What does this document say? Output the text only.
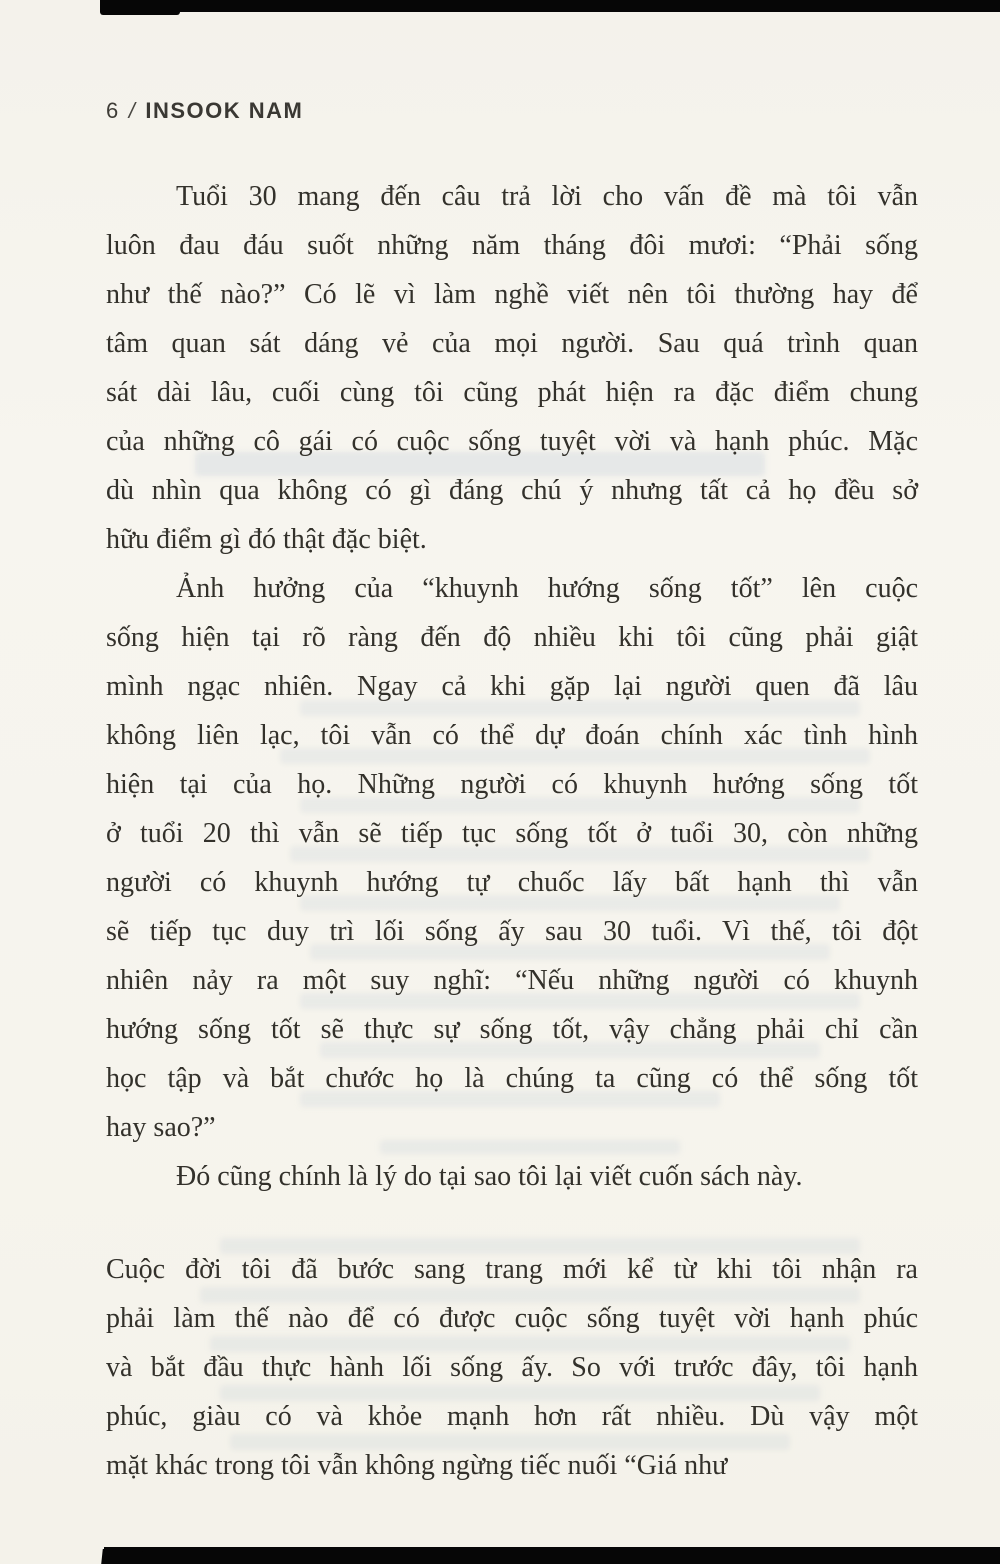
6 / INSOOK NAM
Tuổi 30 mang đến câu trả lời cho vấn đề mà tôi vẫn
luôn đau đáu suốt những năm tháng đôi mươi: “Phải sống
như thế nào?” Có lẽ vì làm nghề viết nên tôi thường hay để
tâm quan sát dáng vẻ của mọi người. Sau quá trình quan
sát dài lâu, cuối cùng tôi cũng phát hiện ra đặc điểm chung
của những cô gái có cuộc sống tuyệt vời và hạnh phúc. Mặc
dù nhìn qua không có gì đáng chú ý nhưng tất cả họ đều sở
hữu điểm gì đó thật đặc biệt.
Ảnh hưởng của “khuynh hướng sống tốt” lên cuộc
sống hiện tại rõ ràng đến độ nhiều khi tôi cũng phải giật
mình ngạc nhiên. Ngay cả khi gặp lại người quen đã lâu
không liên lạc, tôi vẫn có thể dự đoán chính xác tình hình
hiện tại của họ. Những người có khuynh hướng sống tốt
ở tuổi 20 thì vẫn sẽ tiếp tục sống tốt ở tuổi 30, còn những
người có khuynh hướng tự chuốc lấy bất hạnh thì vẫn
sẽ tiếp tục duy trì lối sống ấy sau 30 tuổi. Vì thế, tôi đột
nhiên nảy ra một suy nghĩ: “Nếu những người có khuynh
hướng sống tốt sẽ thực sự sống tốt, vậy chẳng phải chỉ cần
học tập và bắt chước họ là chúng ta cũng có thể sống tốt
hay sao?”
Đó cũng chính là lý do tại sao tôi lại viết cuốn sách này.
Cuộc đời tôi đã bước sang trang mới kể từ khi tôi nhận ra
phải làm thế nào để có được cuộc sống tuyệt vời hạnh phúc
và bắt đầu thực hành lối sống ấy. So với trước đây, tôi hạnh
phúc, giàu có và khỏe mạnh hơn rất nhiều. Dù vậy một
mặt khác trong tôi vẫn không ngừng tiếc nuối “Giá như
